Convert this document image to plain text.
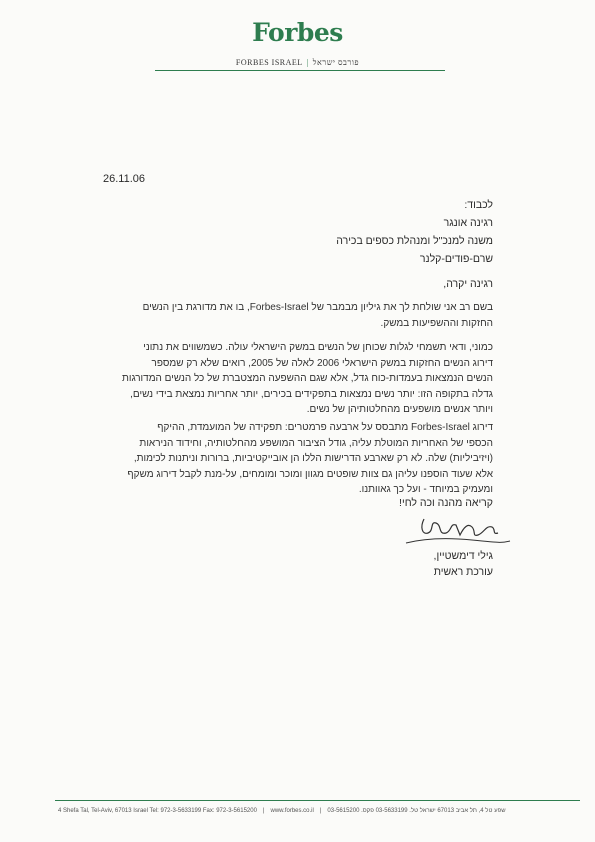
Forbes
FORBES ISRAEL | פורבס ישראל
26.11.06
לכבוד:
רגינה אונגר
משנה למנכ"ל ומנהלת כספים בכירה
שרם-פודים-קלנר
רגינה יקרה,
בשם רב אני שולחת לך את גיליון מבמבר של Forbes-Israel, בו את מדורגת בין הנשים
החזקות וההשפיעות במשק.
כמוני, ודאי תשמחי לגלות שכוחן של הנשים במשק הישראלי עולה. כשמשווים את נתוני
דירוג הנשים החזקות במשק הישראלי 2006 לאלה של 2005, רואים שלא רק שמספר
הנשים הנמצאות בעמדות-כוח גדל, אלא שגם ההשפעה המצטברת של כל הנשים המדורגות
גדלה בתקופה הזו: יותר נשים נמצאות בתפקידים בכירים, יותר אחריות נמצאת בידי נשים,
ויותר אנשים מושפעים מהחלטותיהן של נשים.
דירוג Forbes-Israel מתבסס על ארבעה פרמטרים: תפקידה של המועמדת, ההיקף
הכספי של האחריות המוטלת עליה, גודל הציבור המושפע מהחלטותיה, וחידוד הניראות
(ויזיביליות) שלה. לא רק שארבע הדרישות הללו הן אובייקטיביות, ברורות וניתנות לכימות,
אלא שעוד הוספנו עליהן גם צוות שופטים מגוון ומוכר ומומחים, על-מנת לקבל דירוג משקף
ומעמיק במיוחד - ועל כך גאוותנו.
קריאה מהנה וכה לחי!
גילי דימשטיין,
עורכת ראשית
4 Shefa Tal, Tel-Aviv, 67013 Israel Tel: 972-3-5633199 Fax: 972-3-5615200 | www.forbes.co.il | שפע טל 4, תל אביב 67013 ישראל טל. 03-5633199 פקס. 03-5615200
